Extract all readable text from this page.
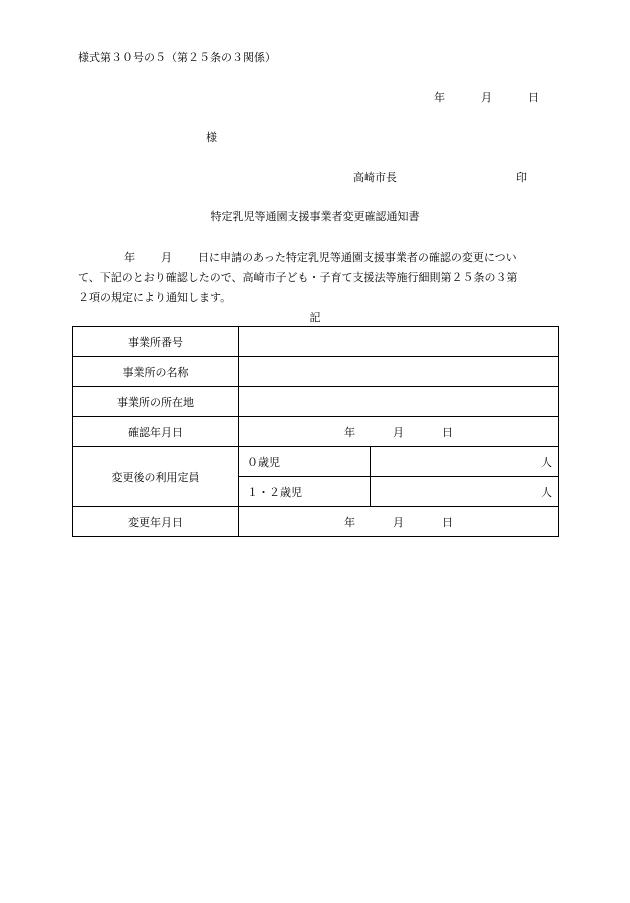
様式第３０号の５（第２５条の３関係）
年	月	日
様
高崎市長	印
特定乳児等通園支援事業者変更確認通知書
年 月 日に申請のあった特定乳児等通園支援事業者の確認の変更につい
て、下記のとおり確認したので、高崎市子ども・子育て支援法等施行細則第２５条の３第
２項の規定により通知します。
記
事業所番号		
事業所の名称		
事業所の所在地		
確認年月日	年 月 日	
変更後の利用定員	０歳児	人
	１・２歳児	人
変更年月日	年 月 日	
